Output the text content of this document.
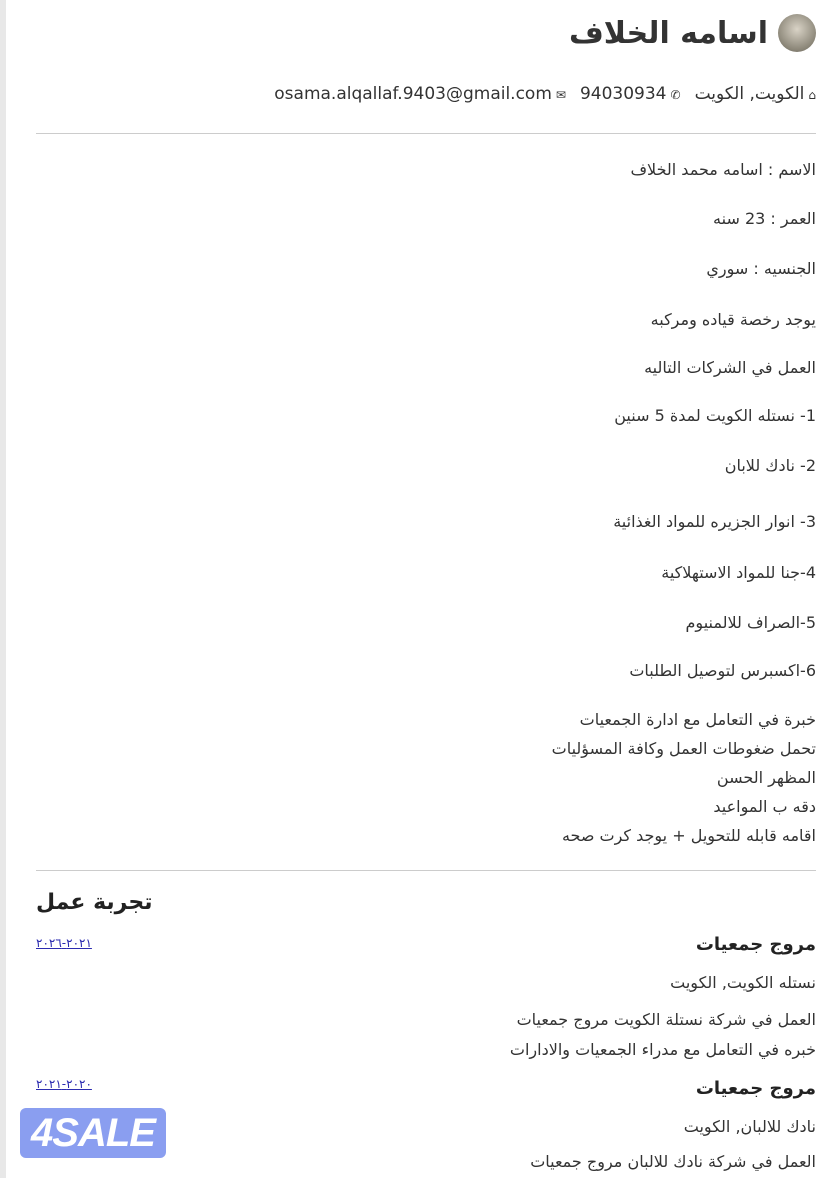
اسامه الخلاف
⌂الكويت, الكويت
✆94030934
✉osama.alqallaf.9403@gmail.com
الاسم : اسامه محمد الخلاف
العمر : 23 سنه
الجنسيه : سوري
يوجد رخصة قياده ومركبه
العمل في الشركات التاليه
1- نستله الكويت لمدة 5 سنين
2- نادك للابان
3- انوار الجزيره للمواد الغذائية
4-جنا للمواد الاستهلاكية
5-الصراف للالمنيوم
6-اكسبرس لتوصيل الطلبات
خبرة في التعامل مع ادارة الجمعيات
تحمل ضغوطات العمل وكافة المسؤليات
المظهر الحسن
دقه ب المواعيد
اقامه قابله للتحويل + يوجد كرت صحه
تجربة عمل
٢٠٢١-٢٠٢٦	مروج جمعيات
نستله الكويت, الكويت
العمل في شركة نستلة الكويت مروج جمعيات
خبره في التعامل مع مدراء الجمعيات والادارات
٢٠٢٠-٢٠٢١	مروج جمعيات
نادك للالبان, الكويت
العمل في شركة نادك للالبان مروج جمعيات
4SALE
